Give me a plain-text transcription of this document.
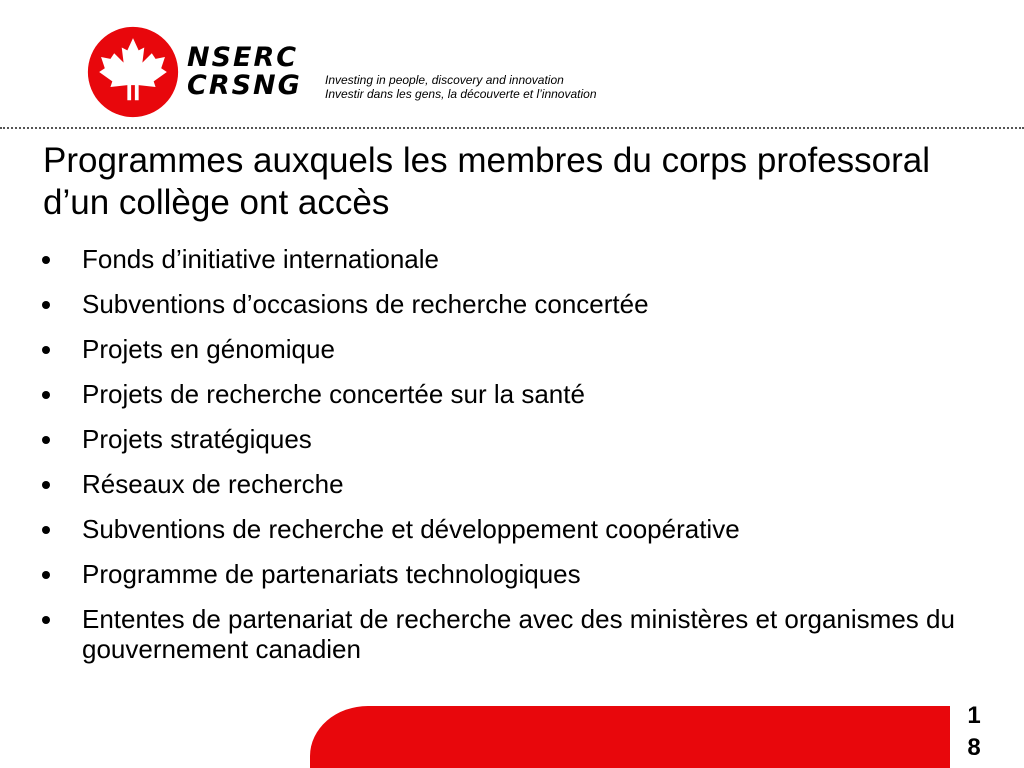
NSERC
CRSNG Investing in people, discovery and innovation
Investir dans les gens, la découverte et l’innovation
Programmes auxquels les membres du corps professoral d’un collège ont accès
Fonds d’initiative internationale
Subventions d’occasions de recherche concertée
Projets en génomique
Projets de recherche concertée sur la santé
Projets stratégiques
Réseaux de recherche
Subventions de recherche et développement coopérative
Programme de partenariats technologiques
Ententes de partenariat de recherche avec des ministères et organismes du gouvernement canadien
18
